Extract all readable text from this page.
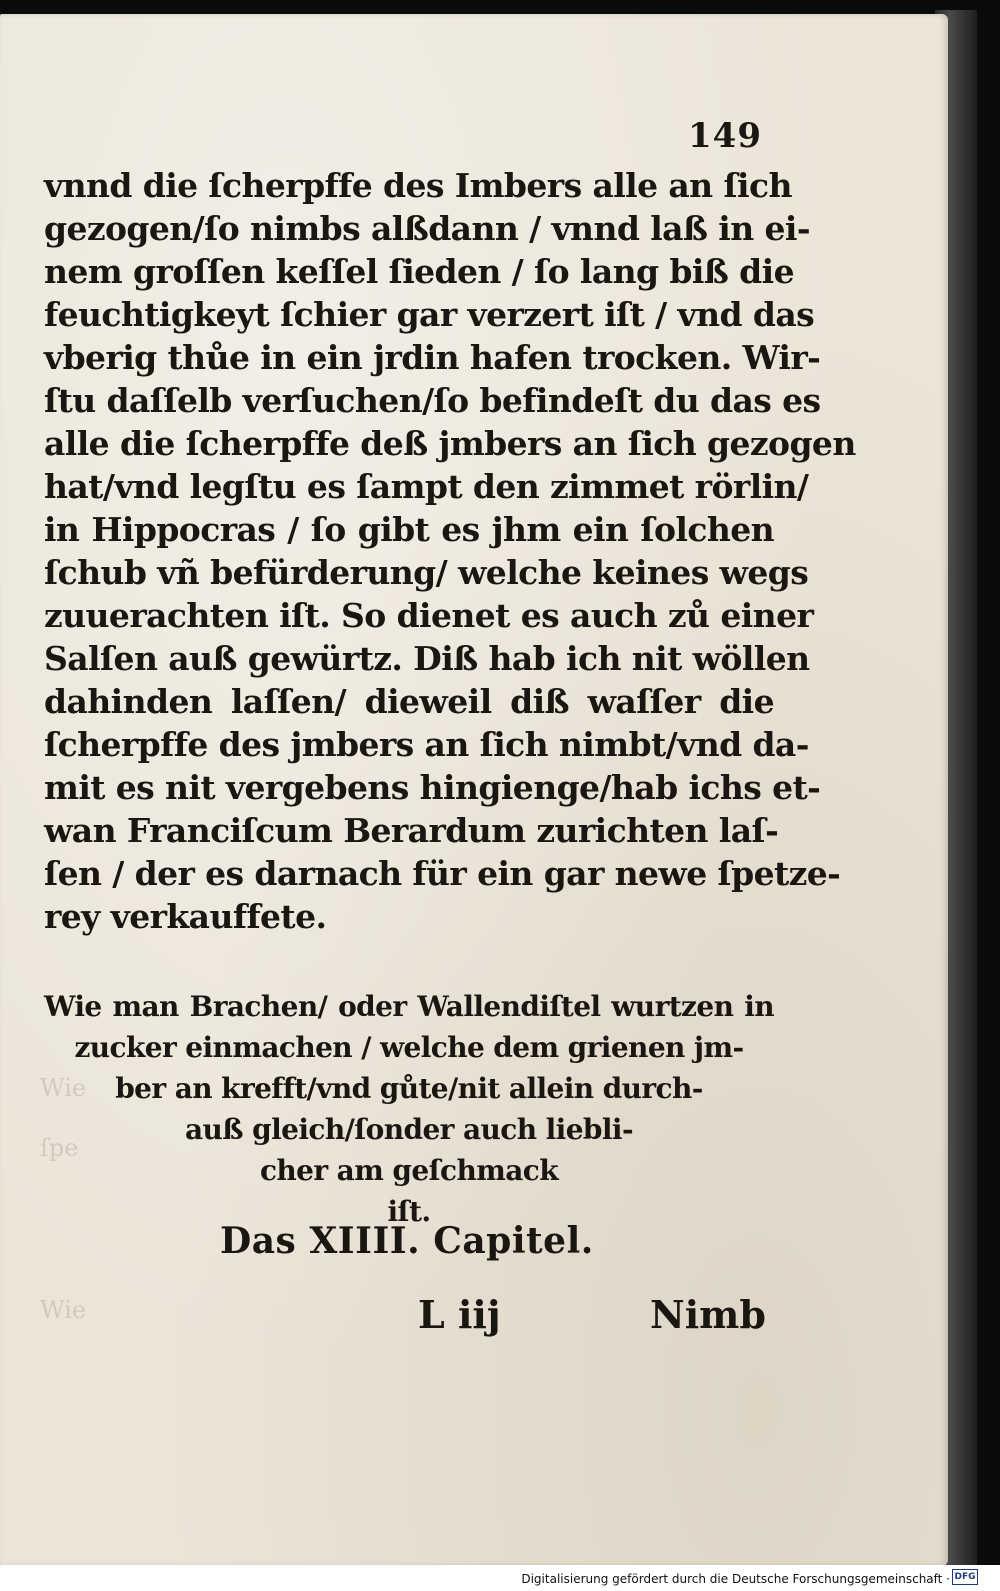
Wie
ſpe
Wie
149
vnnd die ſcherpffe des Imbers alle an ſich
gezogen/ſo nimbs alßdann / vnnd laß in ei-
nem groſſen keſſel ſieden / ſo lang biß die
feuchtigkeyt ſchier gar verzert iſt / vnd das
vberig thůe in ein jrdin hafen trocken. Wir-
ſtu daſſelb verſuchen/ſo befindeſt du das es
alle die ſcherpffe deß jmbers an ſich gezogen
hat/vnd legſtu es ſampt den zimmet rörlin/
in Hippocras / ſo gibt es jhm ein ſolchen
ſchub vñ befürderung/ welche keines wegs
zuuerachten iſt. So dienet es auch zů einer
Salſen auß gewürtz. Diß hab ich nit wöllen
dahinden laſſen/ dieweil diß waſſer die
ſcherpffe des jmbers an ſich nimbt/vnd da-
mit es nit vergebens hingienge/hab ichs et-
wan Franciſcum Berardum zurichten laſ-
ſen / der es darnach für ein gar newe ſpetze-
rey verkauffete.
Wie man Brachen/ oder Wallendiſtel wurtzen in
zucker einmachen / welche dem grienen jm-
ber an krefft/vnd gůte/nit allein durch-
auß gleich/ſonder auch liebli-
cher am geſchmack
iſt.
Das XIIII. Capitel.
L iij	Nimb
Digitalisierung gefördert durch die Deutsche Forschungsgemeinschaft · DFG
